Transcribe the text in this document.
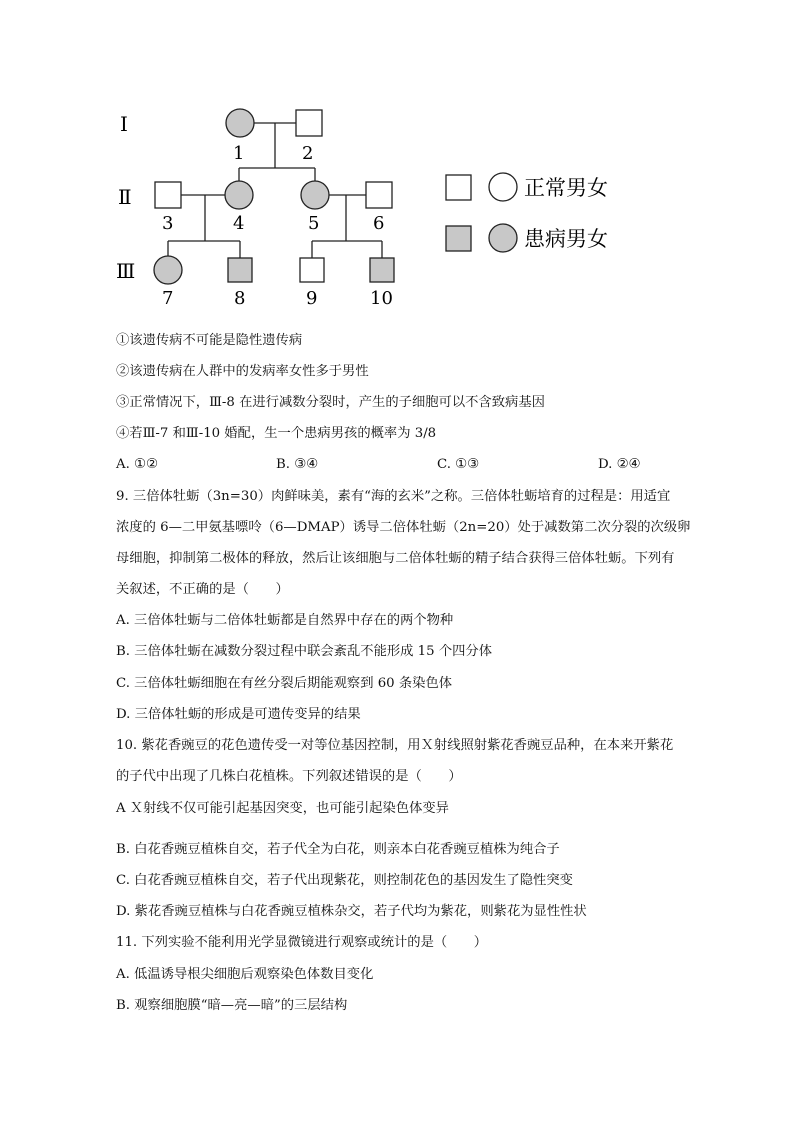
Ⅰ
Ⅱ
Ⅲ
1	2
3	4	5	6
7	8	9	10
正常男女
患病男女
①该遗传病不可能是隐性遗传病
②该遗传病在人群中的发病率女性多于男性
③正常情况下，Ⅲ-8 在进行减数分裂时，产生的子细胞可以不含致病基因
④若Ⅲ-7 和Ⅲ-10 婚配，生一个患病男孩的概率为 3/8
A. ①②	B. ③④	C. ①③	D. ②④
9. 三倍体牡蛎（3n=30）肉鲜味美，素有“海的玄米”之称。三倍体牡蛎培育的过程是：用适宜
浓度的 6—二甲氨基嘌呤（6—DMAP）诱导二倍体牡蛎（2n=20）处于减数第二次分裂的次级卵
母细胞，抑制第二极体的释放，然后让该细胞与二倍体牡蛎的精子结合获得三倍体牡蛎。下列有
关叙述，不正确的是（　　）
A. 三倍体牡蛎与二倍体牡蛎都是自然界中存在的两个物种
B. 三倍体牡蛎在减数分裂过程中联会紊乱不能形成 15 个四分体
C. 三倍体牡蛎细胞在有丝分裂后期能观察到 60 条染色体
D. 三倍体牡蛎的形成是可遗传变异的结果
10. 紫花香豌豆的花色遗传受一对等位基因控制，用Ｘ射线照射紫花香豌豆品种，在本来开紫花
的子代中出现了几株白花植株。下列叙述错误的是（　　）
A Ｘ射线不仅可能引起基因突变，也可能引起染色体变异
B. 白花香豌豆植株自交，若子代全为白花，则亲本白花香豌豆植株为纯合子
C. 白花香豌豆植株自交，若子代出现紫花，则控制花色的基因发生了隐性突变
D. 紫花香豌豆植株与白花香豌豆植株杂交，若子代均为紫花，则紫花为显性性状
11. 下列实验不能利用光学显微镜进行观察或统计的是（　　）
A. 低温诱导根尖细胞后观察染色体数目变化
B. 观察细胞膜“暗—亮—暗”的三层结构
